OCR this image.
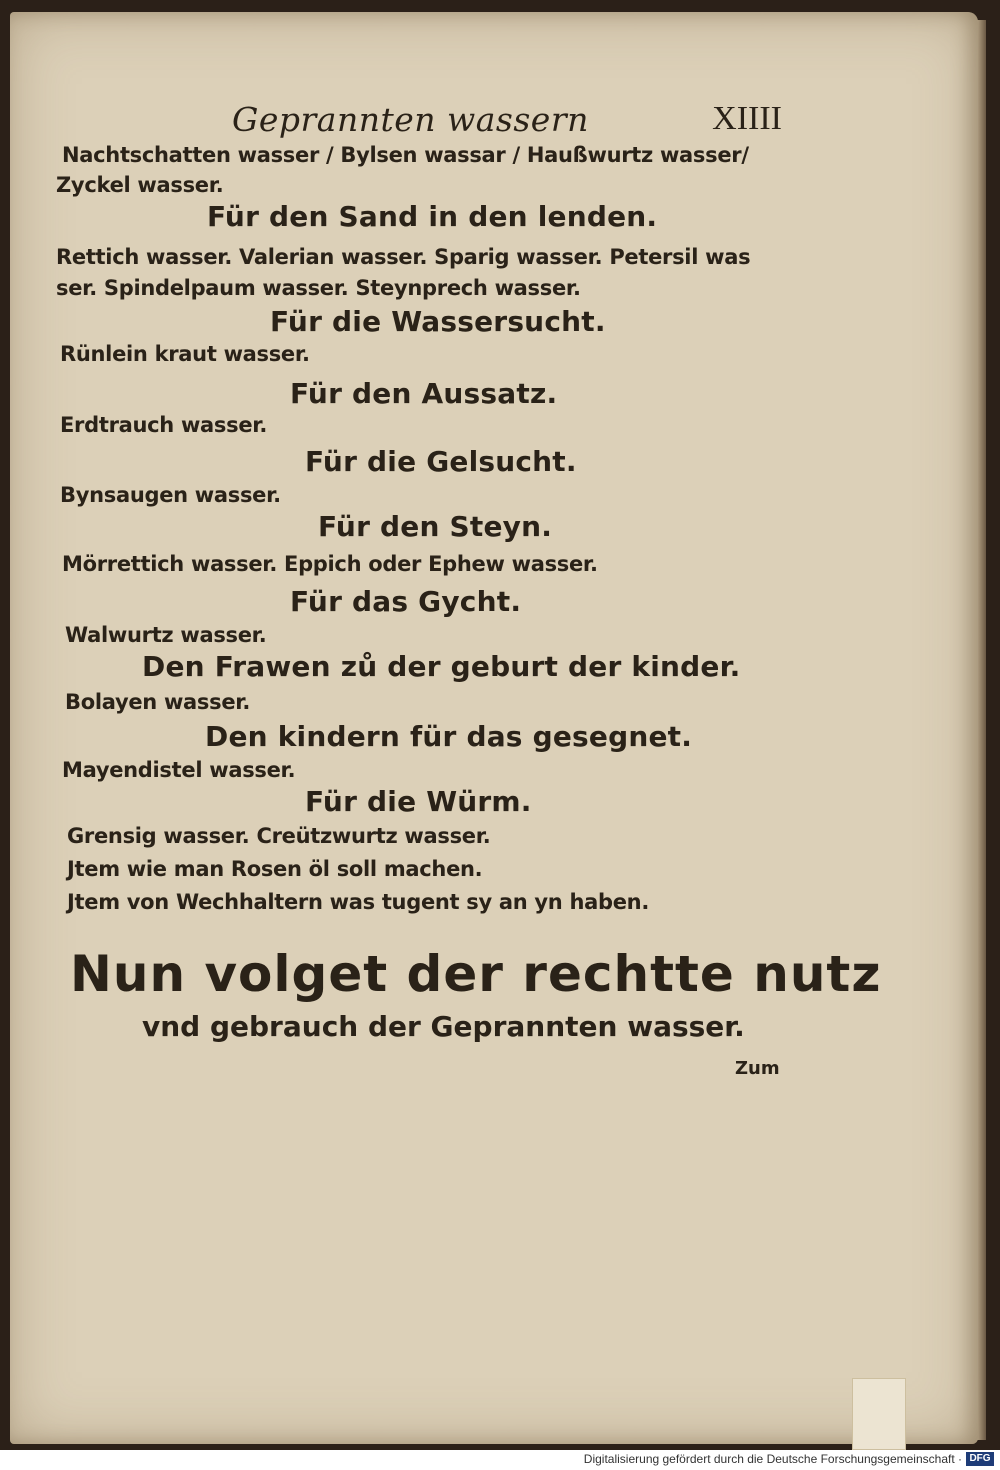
Geprannten wassern	XIIII
Nachtschatten wasser / Bylsen wassar / Haußwurtz wasser/
Zyckel wasser.
Für den Sand in den lenden.
Rettich wasser. Valerian wasser. Sparig wasser. Petersil was
ser. Spindelpaum wasser. Steynprech wasser.
Für die Wassersucht.
Rünlein kraut wasser.
Für den Aussatz.
Erdtrauch wasser.
Für die Gelsucht.
Bynsaugen wasser.
Für den Steyn.
Mörrettich wasser. Eppich oder Ephew wasser.
Für das Gycht.
Walwurtz wasser.
Den Frawen zů der geburt der kinder.
Bolayen wasser.
Den kindern für das gesegnet.
Mayendistel wasser.
Für die Würm.
Grensig wasser. Creützwurtz wasser.
Jtem wie man Rosen öl soll machen.
Jtem von Wechhaltern was tugent sy an yn haben.
Nun volget der rechtte nutz
vnd gebrauch der Geprannten wasser.
Zum
Digitalisierung gefördert durch die Deutsche Forschungsgemeinschaft · DFG
